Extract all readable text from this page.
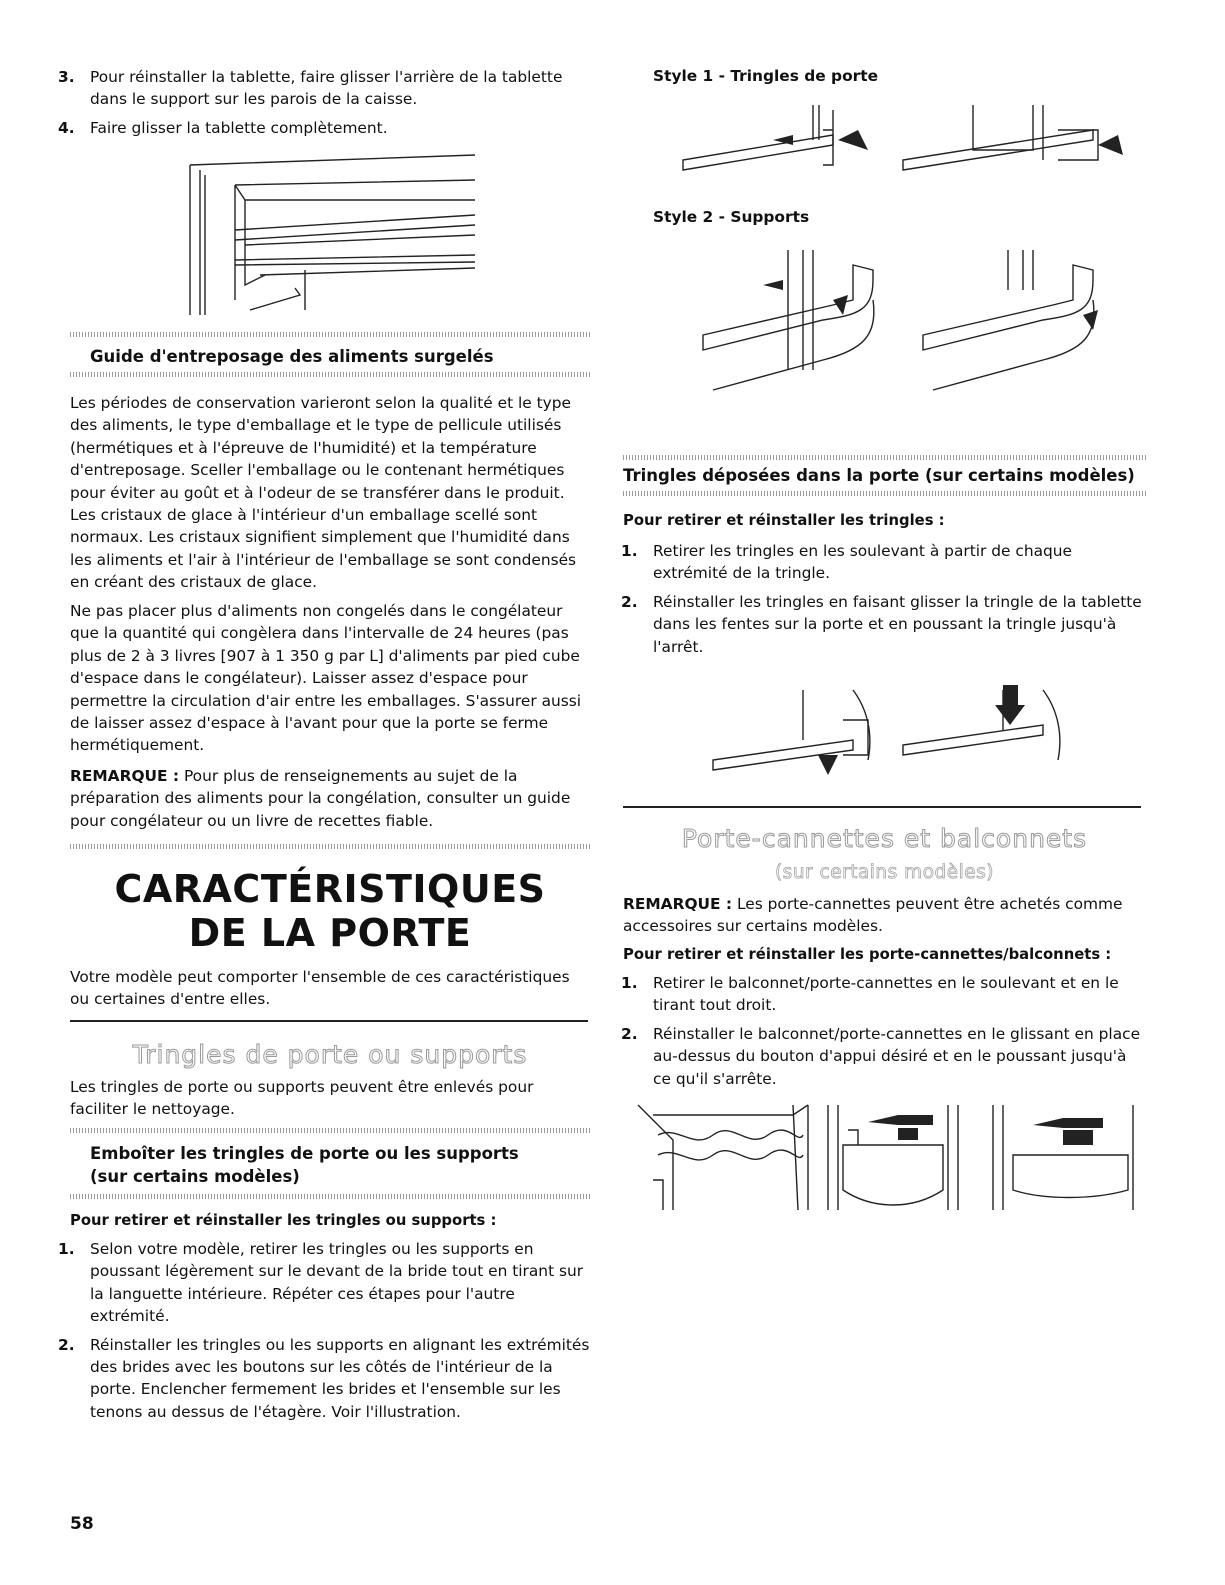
3. Pour réinstaller la tablette, faire glisser l'arrière de la tablette dans le support sur les parois de la caisse.
4. Faire glisser la tablette complètement.
Guide d'entreposage des aliments surgelés

Les périodes de conservation varieront selon la qualité et le type des aliments, le type d'emballage et le type de pellicule utilisés (hermétiques et à l'épreuve de l'humidité) et la température d'entreposage. Sceller l'emballage ou le contenant hermétiques pour éviter au goût et à l'odeur de se transférer dans le produit. Les cristaux de glace à l'intérieur d'un emballage scellé sont normaux. Les cristaux signifient simplement que l'humidité dans les aliments et l'air à l'intérieur de l'emballage se sont condensés en créant des cristaux de glace.

Ne pas placer plus d'aliments non congelés dans le congélateur que la quantité qui congèlera dans l'intervalle de 24 heures (pas plus de 2 à 3 livres [907 à 1 350 g par L] d'aliments par pied cube d'espace dans le congélateur). Laisser assez d'espace pour permettre la circulation d'air entre les emballages. S'assurer aussi de laisser assez d'espace à l'avant pour que la porte se ferme hermétiquement.

REMARQUE : Pour plus de renseignements au sujet de la préparation des aliments pour la congélation, consulter un guide pour congélateur ou un livre de recettes fiable.

CARACTÉRISTIQUES
DE LA PORTE

Votre modèle peut comporter l'ensemble de ces caractéristiques ou certaines d'entre elles.

Tringles de porte ou supports

Les tringles de porte ou supports peuvent être enlevés pour faciliter le nettoyage.

Emboîter les tringles de porte ou les supports
(sur certains modèles)
Pour retirer et réinstaller les tringles ou supports :
1. Selon votre modèle, retirer les tringles ou les supports en poussant légèrement sur le devant de la bride tout en tirant sur la languette intérieure. Répéter ces étapes pour l'autre extrémité.
2. Réinstaller les tringles ou les supports en alignant les extrémités des brides avec les boutons sur les côtés de l'intérieur de la porte. Enclencher fermement les brides et l'ensemble sur les tenons au dessus de l'étagère. Voir l'illustration.
58
Style 1 - Tringles de porte
Style 2 - Supports
Tringles déposées dans la porte (sur certains modèles)
Pour retirer et réinstaller les tringles :
1. Retirer les tringles en les soulevant à partir de chaque extrémité de la tringle.
2. Réinstaller les tringles en faisant glisser la tringle de la tablette dans les fentes sur la porte et en poussant la tringle jusqu'à l'arrêt.
Porte-cannettes et balconnets
(sur certains modèles)

REMARQUE : Les porte-cannettes peuvent être achetés comme accessoires sur certains modèles.

Pour retirer et réinstaller les porte-cannettes/balconnets :
1. Retirer le balconnet/porte-cannettes en le soulevant et en le tirant tout droit.
2. Réinstaller le balconnet/porte-cannettes en le glissant en place au-dessus du bouton d'appui désiré et en le poussant jusqu'à ce qu'il s'arrête.
